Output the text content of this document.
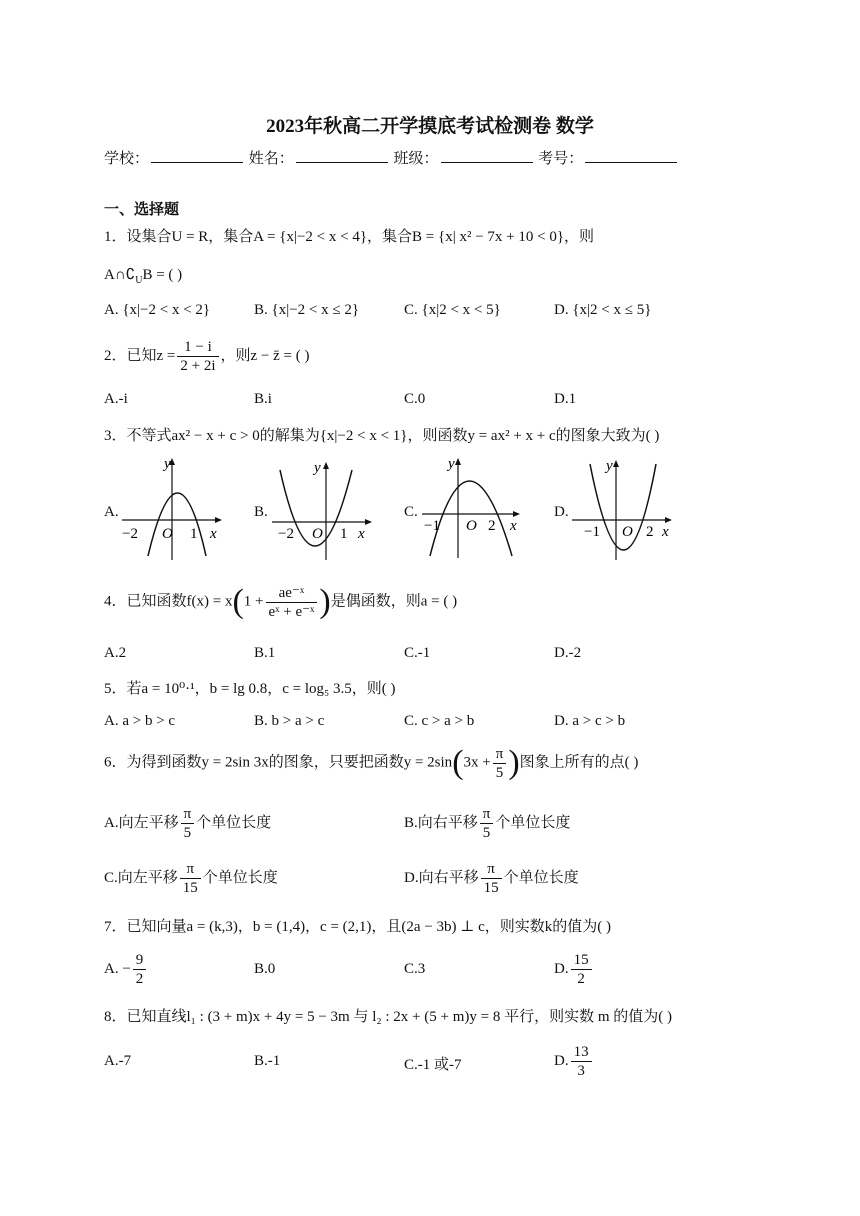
2023年秋高二开学摸底考试检测卷 数学
学校：	姓名：	班级：	考号：
一、选择题
1．设集合U = R，集合A = {x|−2 < x < 4}，集合B = {x| x² − 7x + 10 < 0}，则
$A\cap∁_UB$ = ( )
A. {x|−2 < x < 2}	B. {x|−2 < x ≤ 2}	C. {x|2 < x < 5}	D. {x|2 < x ≤ 5}
2．已知$z = \frac{1 - i}{2 + 2i}$ ，则z − z̄ = ( )
A.-i	B.i	C.0	D.1
3．不等式ax² − x + c > 0的解集为{x|−2 < x < 1}，则函数y = ax² + x + c的图象大致为( )
A.
y
x
O
−2	1
B.
y
x
O
−2	1
C.
y
x
O
−1	2
D.
y
x
O
−1	2
4．已知函数$f(x) = x(1 + \frac{\text{ae⁻ˣ}}{\text{eˣ + e⁻ˣ}}$ )是偶函数，则a = ( )
A.2	B.1	C.-1	D.-2
5．若a = 10⁰·¹，b = lg 0.8，c = log₅ 3.5，则( )
A. a > b > c	B. b > a > c	C. c > a > b	D. a > c > b
6．为得到函数y = 2sin 3x的图象，只要把函数$y = 2\sin(3x + \frac{\pi}{5}$ )图象上所有的点( )
A.向左平移 $\frac{\pi}{5}$ 个单位长度	B.向右平移 $\frac{\pi}{5}$ 个单位长度
C.向左平移 $\frac{\pi}{15}$ 个单位长度	D.向右平移 $\frac{\pi}{15}$ 个单位长度
7．已知向量a = (k,3)，b = (1,4)，c = (2,1)，且(2a − 3b) ⊥ c，则实数k的值为( )
A. − $\frac{9}{2}$	B.0	C.3	D. $\frac{15}{2}$
8．已知直线l₁ : (3 + m)x + 4y = 5 − 3m 与 l₂ : 2x + (5 + m)y = 8 平行，则实数 m 的值为( )
A.-7	B.-1	C.-1 或-7	D. $\frac{13}{3}$
